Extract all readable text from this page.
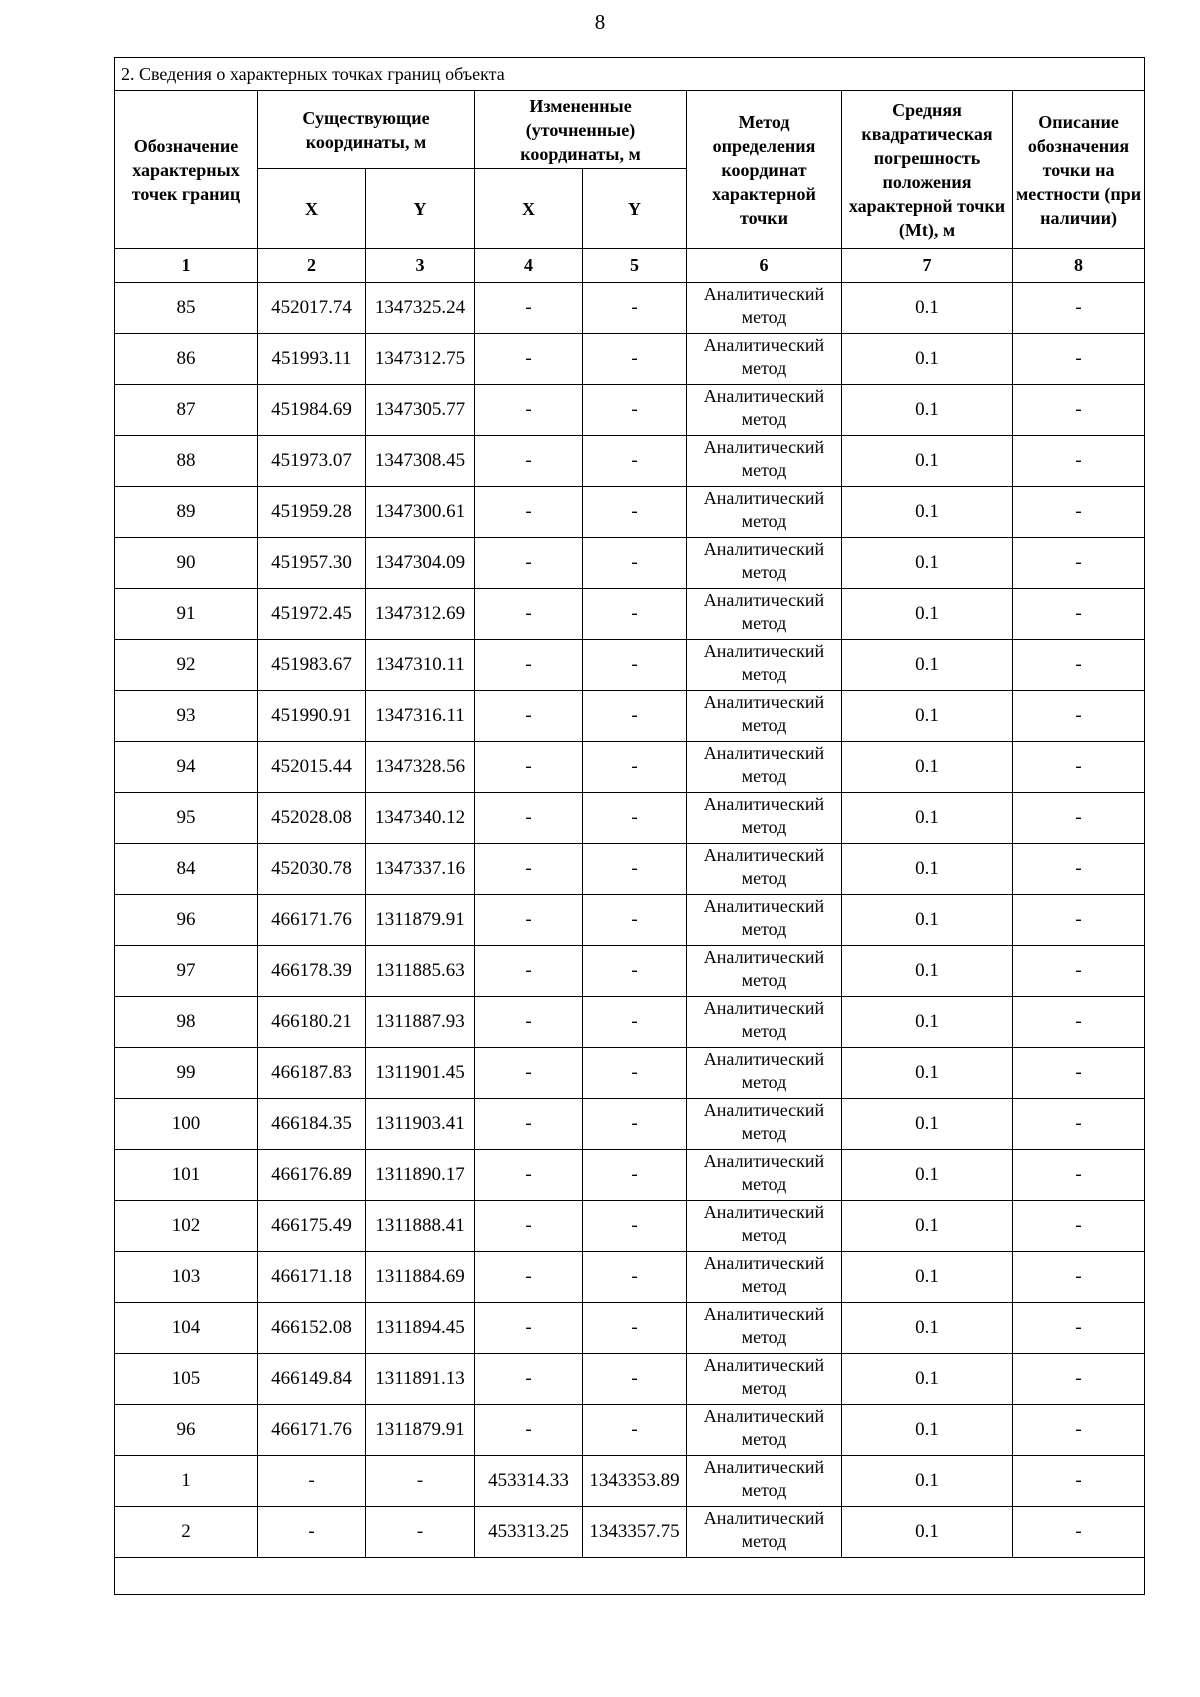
8
2. Сведения о характерных точках границ объекта							
Обозначение характерных точек границ	Существующие координаты, м		Измененные (уточненные) координаты, м		Метод определения координат характерной точки	Средняя квадратическая погрешность положения характерной точки (Mt), м	Описание обозначения точки на местности (при наличии)
	X	Y	X	Y			
1	2	3	4	5	6	7	8
85	452017.74	1347325.24	-	-	Аналитический метод	0.1	-
86	451993.11	1347312.75	-	-	Аналитический метод	0.1	-
87	451984.69	1347305.77	-	-	Аналитический метод	0.1	-
88	451973.07	1347308.45	-	-	Аналитический метод	0.1	-
89	451959.28	1347300.61	-	-	Аналитический метод	0.1	-
90	451957.30	1347304.09	-	-	Аналитический метод	0.1	-
91	451972.45	1347312.69	-	-	Аналитический метод	0.1	-
92	451983.67	1347310.11	-	-	Аналитический метод	0.1	-
93	451990.91	1347316.11	-	-	Аналитический метод	0.1	-
94	452015.44	1347328.56	-	-	Аналитический метод	0.1	-
95	452028.08	1347340.12	-	-	Аналитический метод	0.1	-
84	452030.78	1347337.16	-	-	Аналитический метод	0.1	-
96	466171.76	1311879.91	-	-	Аналитический метод	0.1	-
97	466178.39	1311885.63	-	-	Аналитический метод	0.1	-
98	466180.21	1311887.93	-	-	Аналитический метод	0.1	-
99	466187.83	1311901.45	-	-	Аналитический метод	0.1	-
100	466184.35	1311903.41	-	-	Аналитический метод	0.1	-
101	466176.89	1311890.17	-	-	Аналитический метод	0.1	-
102	466175.49	1311888.41	-	-	Аналитический метод	0.1	-
103	466171.18	1311884.69	-	-	Аналитический метод	0.1	-
104	466152.08	1311894.45	-	-	Аналитический метод	0.1	-
105	466149.84	1311891.13	-	-	Аналитический метод	0.1	-
96	466171.76	1311879.91	-	-	Аналитический метод	0.1	-
1	-	-	453314.33	1343353.89	Аналитический метод	0.1	-
2	-	-	453313.25	1343357.75	Аналитический метод	0.1	-
